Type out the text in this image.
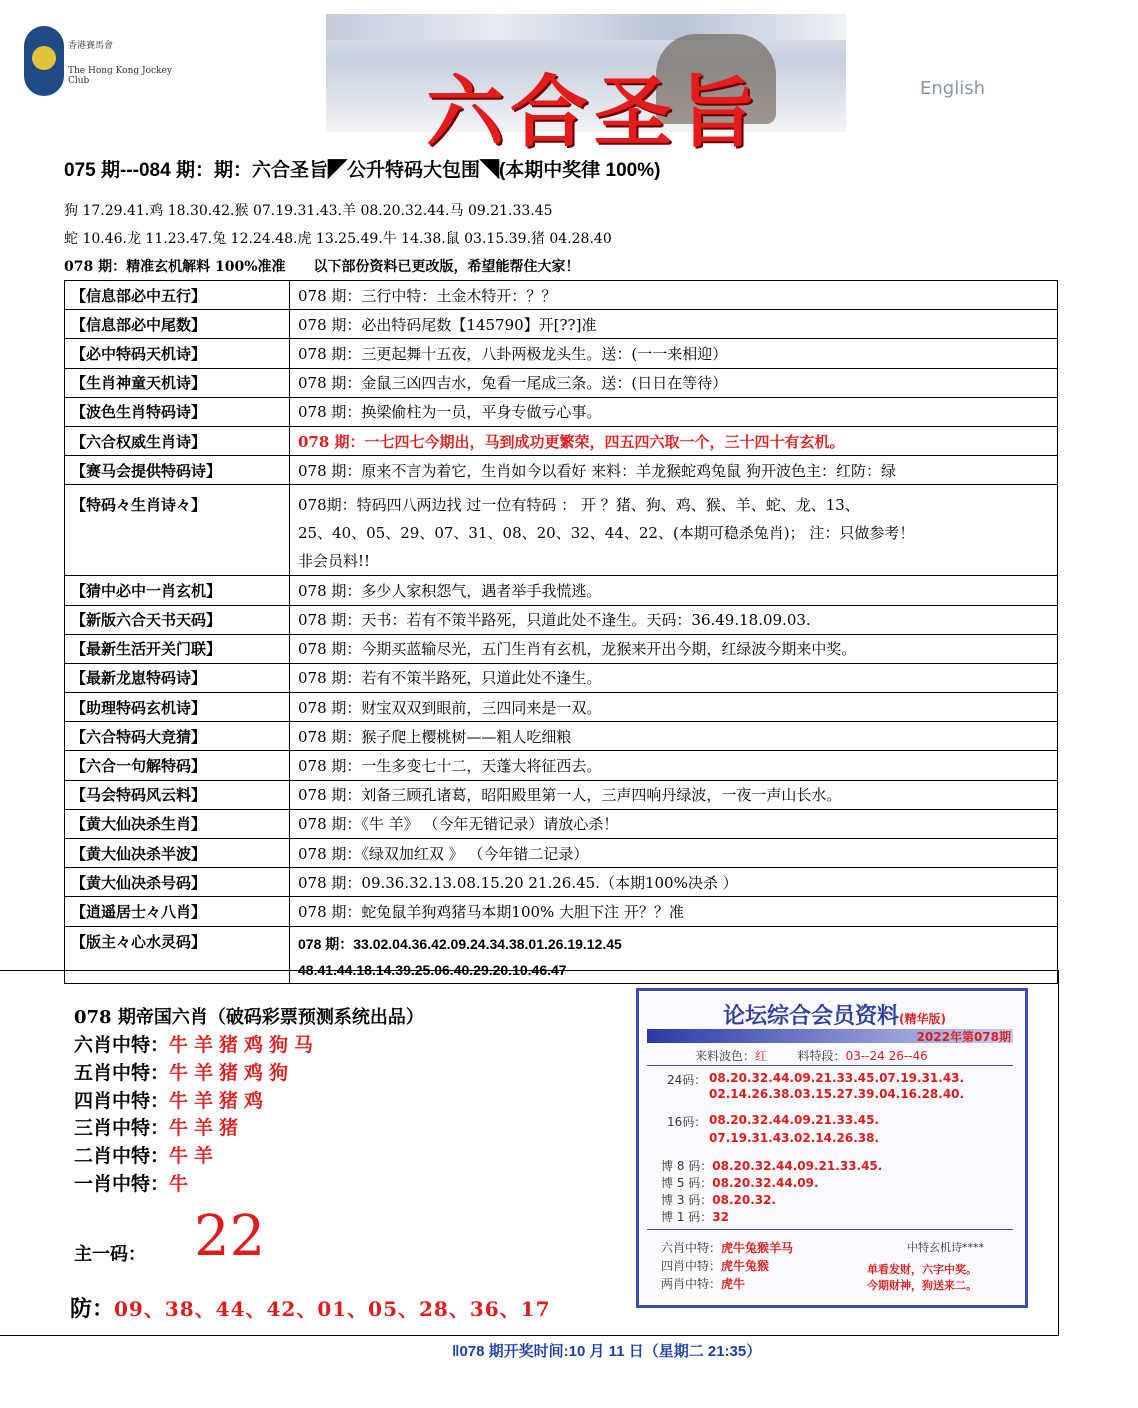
香港賽馬會
The Hong Kong Jockey Club	六合圣旨	English
075 期---084 期：期：六合圣旨◤公升特码大包围◥(本期中奖律 100%)
狗 17.29.41.鸡 18.30.42.猴 07.19.31.43.羊 08.20.32.44.马 09.21.33.45
蛇 10.46.龙 11.23.47.兔 12.24.48.虎 13.25.49.牛 14.38.鼠 03.15.39.猪 04.28.40
078 期：精准玄机解料 100%准准 以下部份资料已更改版，希望能帮住大家！
【信息部必中五行】	078 期：三行中特：土金木特开：？？
【信息部必中尾数】	078 期：必出特码尾数【145790】开[??]准
【必中特码天机诗】	078 期：三更起舞十五夜，八卦两极龙头生。送：(一一来相迎）
【生肖神童天机诗】	078 期：金鼠三凶四吉水，兔看一尾成三条。送：(日日在等待）
【波色生肖特码诗】	078 期：换梁偷柱为一员，平身专做亏心事。
【六合权威生肖诗】	078 期：一七四七今期出，马到成功更繁荣，四五四六取一个，三十四十有玄机。
【赛马会提供特码诗】	078 期：原来不言为着它，生肖如今以看好 来料：羊龙猴蛇鸡兔鼠 狗开波色主：红防：绿
【特码々生肖诗々】	078期：特码四八两边找 过一位有特码 ： 开 ？猪、狗、鸡、猴、羊、蛇、龙、13、
25、40、05、29、07、31、08、20、32、44、22、(本期可稳杀兔肖)； 注：只做参考！
非会员料!!

【猜中必中一肖玄机】	078 期：多少人家积怨气，遇者举手我慌逃。
【新版六合天书天码】	078 期：天书：若有不策半路死，只道此处不逢生。天码：36.49.18.09.03.
【最新生活开关门联】	078 期：今期买蓝输尽光，五门生肖有玄机，龙猴来开出今期，红绿波今期来中奖。
【最新龙崽特码诗】	078 期：若有不策半路死，只道此处不逢生。
【助理特码玄机诗】	078 期：财宝双双到眼前，三四同来是一双。
【六合特码大竞猜】	078 期：猴子爬上樱桃树——粗人吃细粮
【六合一句解特码】	078 期：一生多变七十二，天蓬大将征西去。
【马会特码风云料】	078 期：刘备三顾孔诸葛，昭阳殿里第一人，三声四响丹绿波，一夜一声山长水。
【黄大仙决杀生肖】	078 期：《牛 羊》 （今年无错记录）请放心杀！
【黄大仙决杀半波】	078 期：《绿双加红双 》 （今年错二记录）
【黄大仙决杀号码】	078 期：09.36.32.13.08.15.20 21.26.45.（本期100%决杀 ）
【逍遥居士々八肖】	078 期：蛇兔鼠羊狗鸡猪马本期100% 大胆下注 开？？准
【版主々心水灵码】	078 期：33.02.04.36.42.09.24.34.38.01.26.19.12.45
48.41.44.18.14.39.25.06.40.29.20.10.46.47
078 期帝国六肖（破码彩票预测系统出品）
六肖中特：牛羊猪鸡狗马
五肖中特：牛羊猪鸡狗
四肖中特：牛羊猪鸡
三肖中特：牛羊猪
二肖中特：牛羊
一肖中特：牛
主一码： 22
防：09、38、44、42、01、05、28、36、17
论坛综合会员资料(精华版)
2022年第078期
来料波色：红	料特段：03--24 26--46
24码： 08.20.32.44.09.21.33.45.07.19.31.43.
02.14.26.38.03.15.27.39.04.16.28.40.
16码： 08.20.32.44.09.21.33.45.
07.19.31.43.02.14.26.38.
博 8 码：08.20.32.44.09.21.33.45.
博 5 码：08.20.32.44.09.
博 3 码：08.20.32.
博 1 码：32
六肖中特：虎牛兔猴羊马
四肖中特：虎牛兔猴
两肖中特：虎牛
中特玄机诗****
单看发财，六字中奖。
今期财神，狗送来二。
‖078 期开奖时间:10 月 11 日（星期二 21:35）
